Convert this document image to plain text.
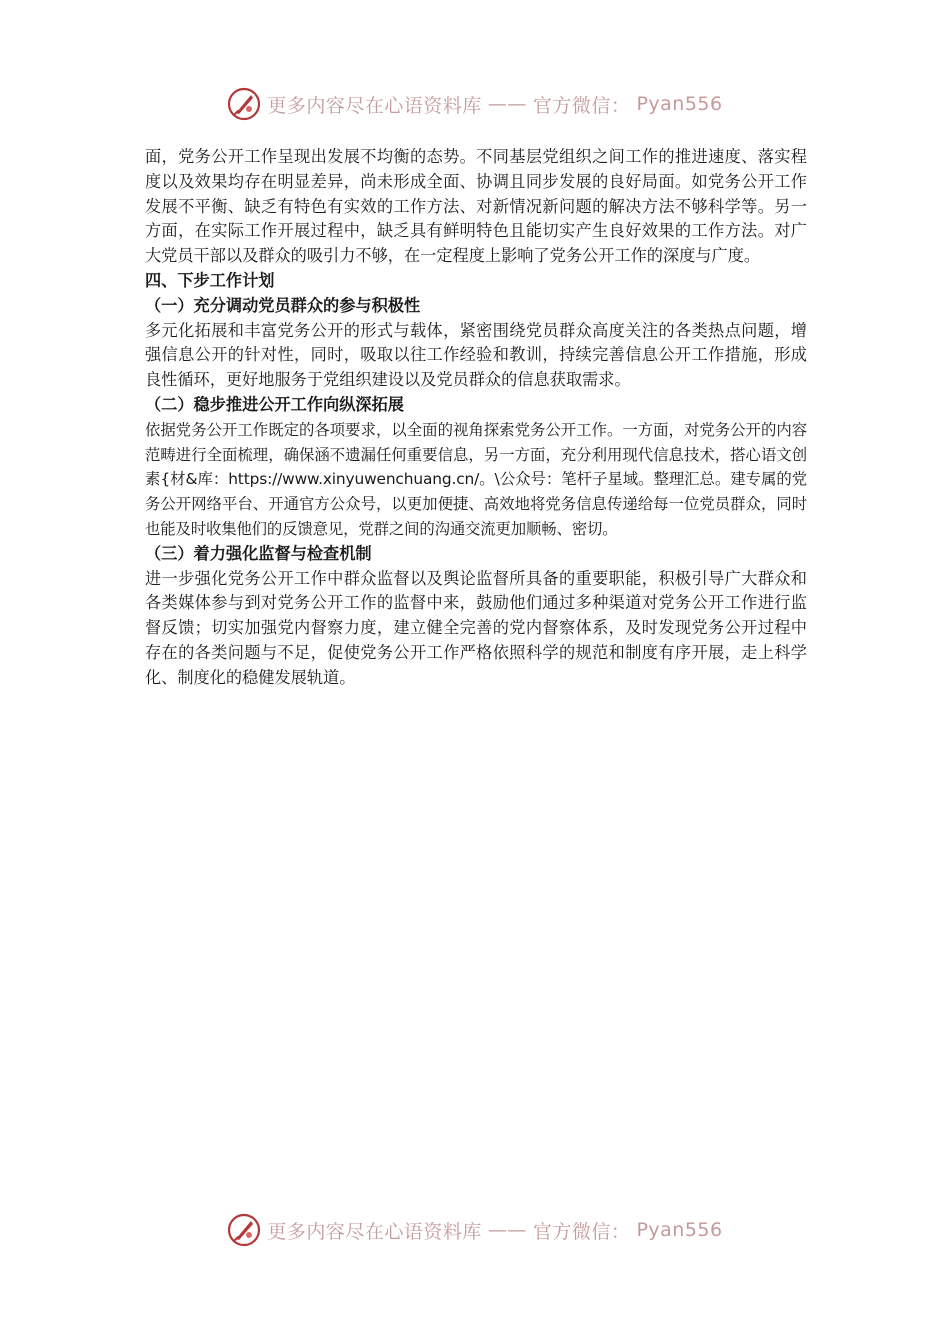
更多内容尽在心语资料库 —— 官方微信： Pyan556

面，党务公开工作呈现出发展不均衡的态势。不同基层党组织之间工作的推进速度、落实程度以及效果均存在明显差异，尚未形成全面、协调且同步发展的良好局面。如党务公开工作发展不平衡、缺乏有特色有实效的工作方法、对新情况新问题的解决方法不够科学等。另一方面，在实际工作开展过程中，缺乏具有鲜明特色且能切实产生良好效果的工作方法。对广大党员干部以及群众的吸引力不够，在一定程度上影响了党务公开工作的深度与广度。

四、下步工作计划
（一）充分调动党员群众的参与积极性

多元化拓展和丰富党务公开的形式与载体，紧密围绕党员群众高度关注的各类热点问题，增强信息公开的针对性，同时，吸取以往工作经验和教训，持续完善信息公开工作措施，形成良性循环，更好地服务于党组织建设以及党员群众的信息获取需求。

（二）稳步推进公开工作向纵深拓展

依据党务公开工作既定的各项要求，以全面的视角探索党务公开工作。一方面，对党务公开的内容范畴进行全面梳理，确保涵不遗漏任何重要信息，另一方面，充分利用现代信息技术，搭心语文创素{材&库：https://www.xinyuwenchuang.cn/。\公众号：笔杆子星域。整理汇总。建专属的党务公开网络平台、开通官方公众号，以更加便捷、高效地将党务信息传递给每一位党员群众，同时也能及时收集他们的反馈意见，党群之间的沟通交流更加顺畅、密切。

（三）着力强化监督与检查机制

进一步强化党务公开工作中群众监督以及舆论监督所具备的重要职能，积极引导广大群众和各类媒体参与到对党务公开工作的监督中来，鼓励他们通过多种渠道对党务公开工作进行监督反馈；切实加强党内督察力度，建立健全完善的党内督察体系，及时发现党务公开过程中存在的各类问题与不足，促使党务公开工作严格依照科学的规范和制度有序开展，走上科学化、制度化的稳健发展轨道。

更多内容尽在心语资料库 —— 官方微信： Pyan556
